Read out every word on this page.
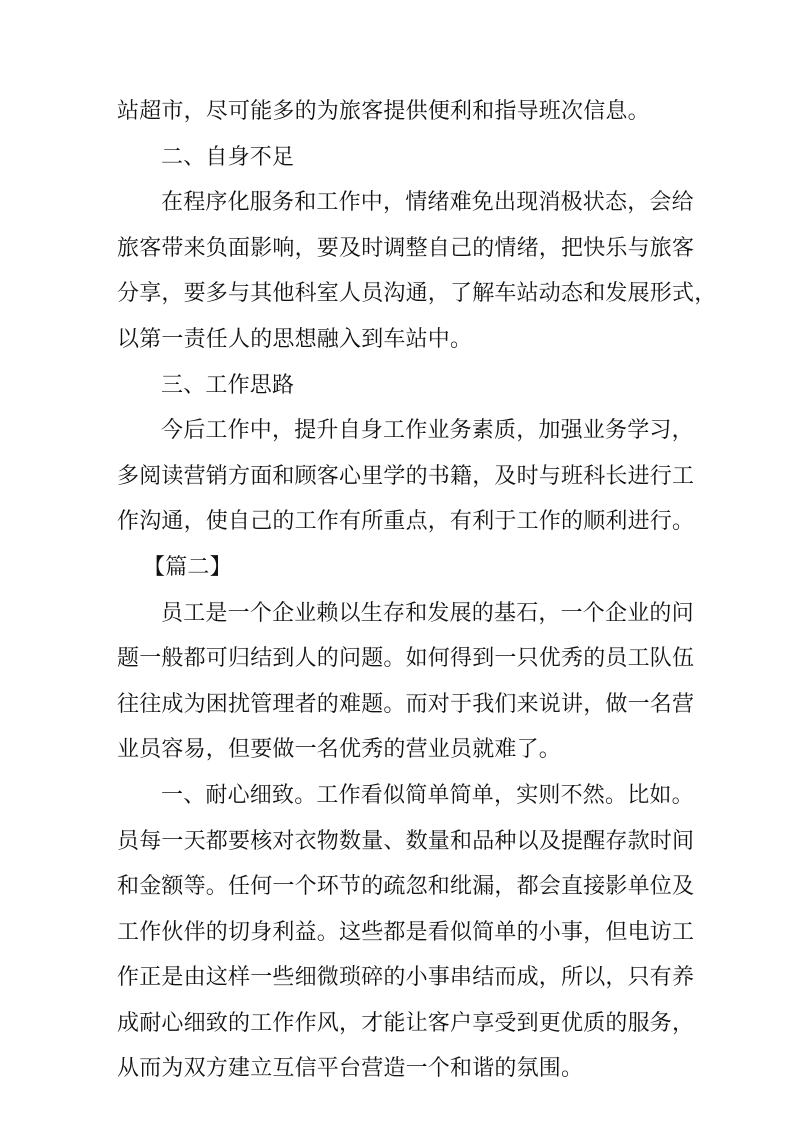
站超市，尽可能多的为旅客提供便利和指导班次信息。
二、自身不足
在程序化服务和工作中，情绪难免出现消极状态，会给
旅客带来负面影响，要及时调整自己的情绪，把快乐与旅客
分享，要多与其他科室人员沟通，了解车站动态和发展形式，
以第一责任人的思想融入到车站中。
三、工作思路
今后工作中，提升自身工作业务素质，加强业务学习，
多阅读营销方面和顾客心里学的书籍，及时与班科长进行工
作沟通，使自己的工作有所重点，有利于工作的顺利进行。
【篇二】
员工是一个企业赖以生存和发展的基石，一个企业的问
题一般都可归结到人的问题。如何得到一只优秀的员工队伍
往往成为困扰管理者的难题。而对于我们来说讲，做一名营
业员容易，但要做一名优秀的营业员就难了。
一、耐心细致。工作看似简单简单，实则不然。比如。
员每一天都要核对衣物数量、数量和品种以及提醒存款时间
和金额等。任何一个环节的疏忽和纰漏，都会直接影单位及
工作伙伴的切身利益。这些都是看似简单的小事，但电访工
作正是由这样一些细微琐碎的小事串结而成，所以，只有养
成耐心细致的工作作风，才能让客户享受到更优质的服务，
从而为双方建立互信平台营造一个和谐的氛围。
